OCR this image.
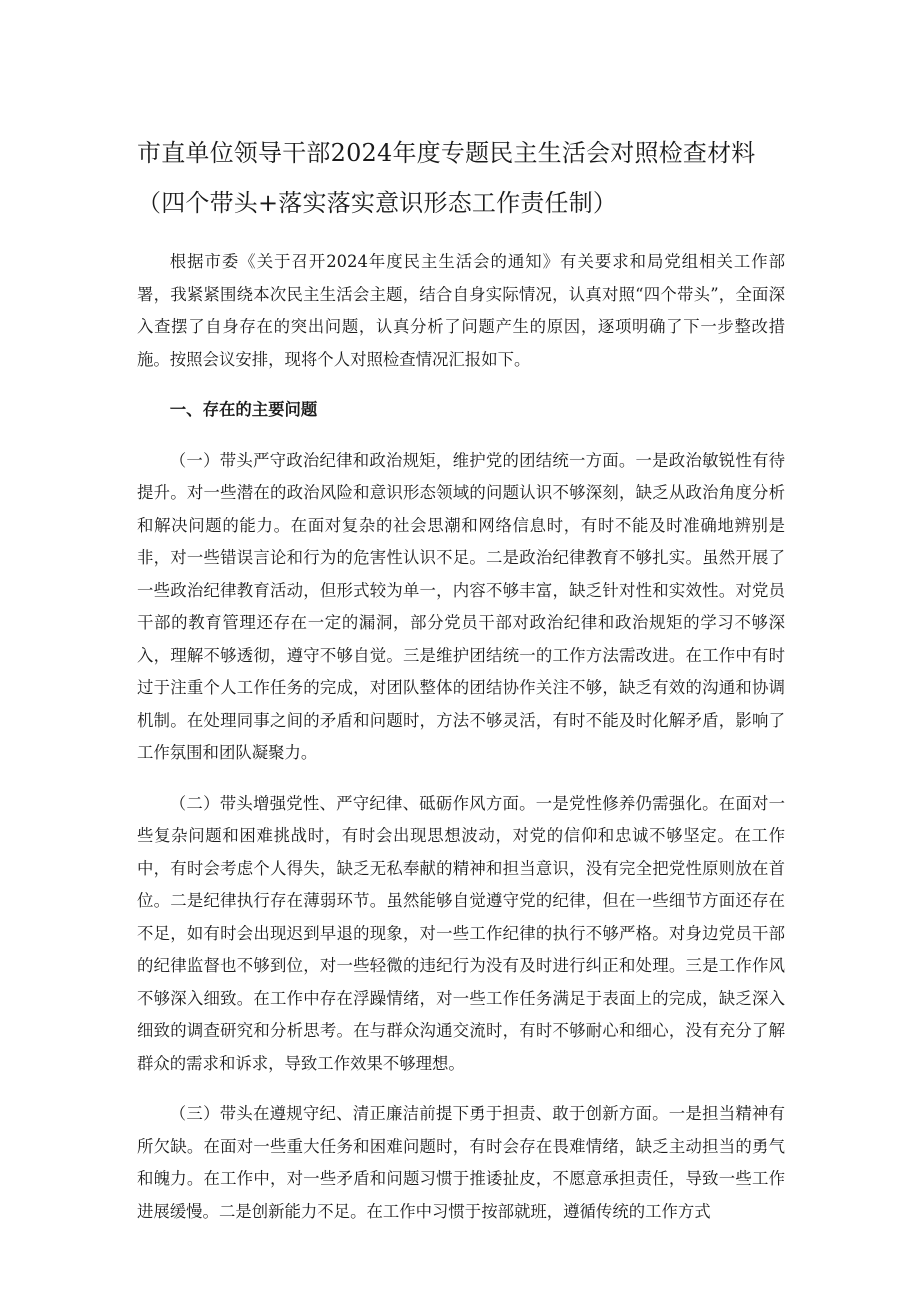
市直单位领导干部2024年度专题民主生活会对照检查材料（四个带头+落实落实意识形态工作责任制）

根据市委《关于召开2024年度民主生活会的通知》有关要求和局党组相关工作部署，我紧紧围绕本次民主生活会主题，结合自身实际情况，认真对照“四个带头”，全面深入查摆了自身存在的突出问题，认真分析了问题产生的原因，逐项明确了下一步整改措施。按照会议安排，现将个人对照检查情况汇报如下。

一、存在的主要问题

（一）带头严守政治纪律和政治规矩，维护党的团结统一方面。一是政治敏锐性有待提升。对一些潜在的政治风险和意识形态领域的问题认识不够深刻，缺乏从政治角度分析和解决问题的能力。在面对复杂的社会思潮和网络信息时，有时不能及时准确地辨别是非，对一些错误言论和行为的危害性认识不足。二是政治纪律教育不够扎实。虽然开展了一些政治纪律教育活动，但形式较为单一，内容不够丰富，缺乏针对性和实效性。对党员干部的教育管理还存在一定的漏洞，部分党员干部对政治纪律和政治规矩的学习不够深入，理解不够透彻，遵守不够自觉。三是维护团结统一的工作方法需改进。在工作中有时过于注重个人工作任务的完成，对团队整体的团结协作关注不够，缺乏有效的沟通和协调机制。在处理同事之间的矛盾和问题时，方法不够灵活，有时不能及时化解矛盾，影响了工作氛围和团队凝聚力。

（二）带头增强党性、严守纪律、砥砺作风方面。一是党性修养仍需强化。在面对一些复杂问题和困难挑战时，有时会出现思想波动，对党的信仰和忠诚不够坚定。在工作中，有时会考虑个人得失，缺乏无私奉献的精神和担当意识，没有完全把党性原则放在首位。二是纪律执行存在薄弱环节。虽然能够自觉遵守党的纪律，但在一些细节方面还存在不足，如有时会出现迟到早退的现象，对一些工作纪律的执行不够严格。对身边党员干部的纪律监督也不够到位，对一些轻微的违纪行为没有及时进行纠正和处理。三是工作作风不够深入细致。在工作中存在浮躁情绪，对一些工作任务满足于表面上的完成，缺乏深入细致的调查研究和分析思考。在与群众沟通交流时，有时不够耐心和细心，没有充分了解群众的需求和诉求，导致工作效果不够理想。

（三）带头在遵规守纪、清正廉洁前提下勇于担责、敢于创新方面。一是担当精神有所欠缺。在面对一些重大任务和困难问题时，有时会存在畏难情绪，缺乏主动担当的勇气和魄力。在工作中，对一些矛盾和问题习惯于推诿扯皮，不愿意承担责任，导致一些工作进展缓慢。二是创新能力不足。在工作中习惯于按部就班，遵循传统的工作方式
